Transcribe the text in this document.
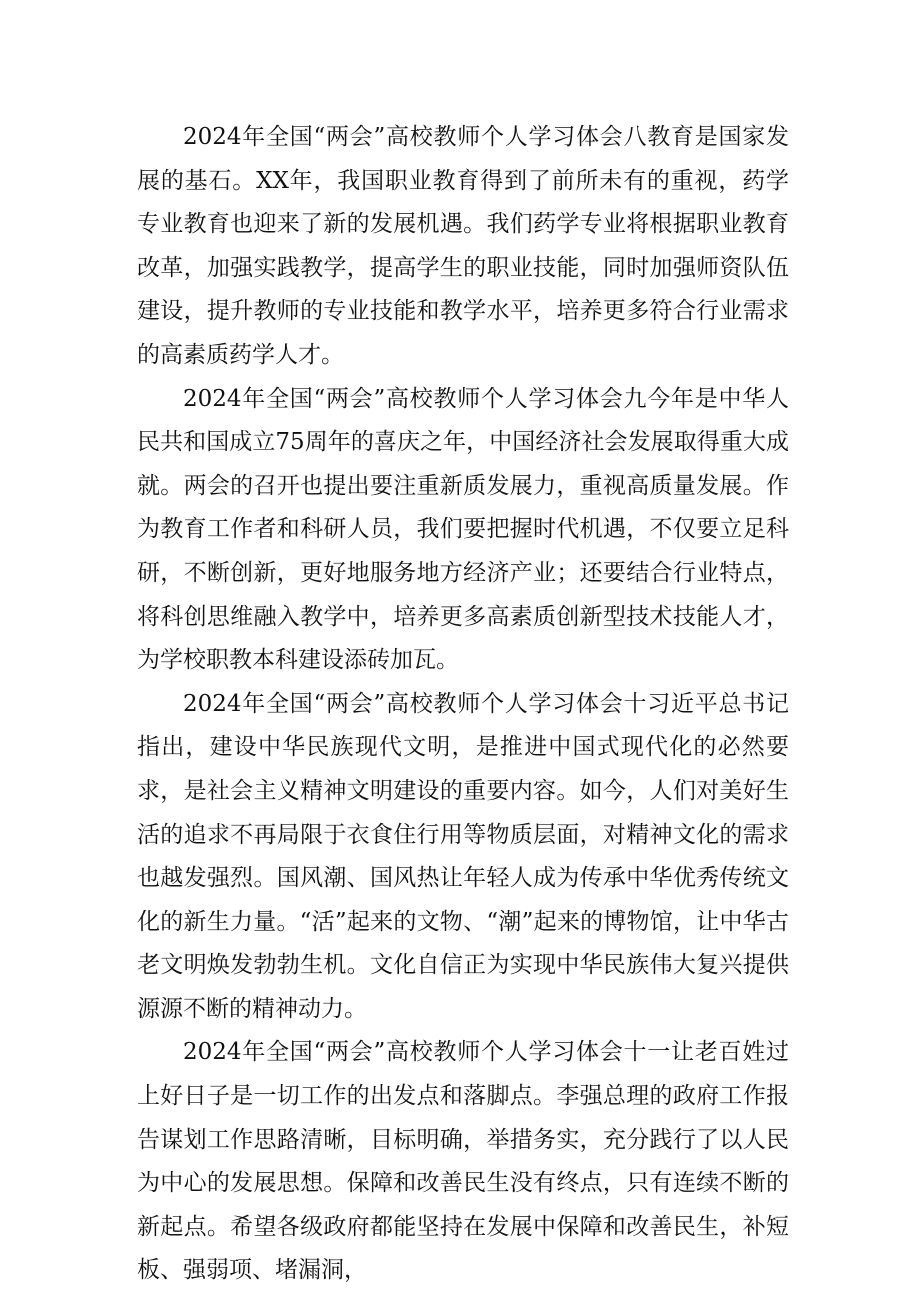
2024年全国“两会”高校教师个人学习体会八教育是国家发展的基石。XX年，我国职业教育得到了前所未有的重视，药学专业教育也迎来了新的发展机遇。我们药学专业将根据职业教育改革，加强实践教学，提高学生的职业技能，同时加强师资队伍建设，提升教师的专业技能和教学水平，培养更多符合行业需求的高素质药学人才。

2024年全国“两会”高校教师个人学习体会九今年是中华人民共和国成立75周年的喜庆之年，中国经济社会发展取得重大成就。两会的召开也提出要注重新质发展力，重视高质量发展。作为教育工作者和科研人员，我们要把握时代机遇，不仅要立足科研，不断创新，更好地服务地方经济产业；还要结合行业特点，将科创思维融入教学中，培养更多高素质创新型技术技能人才，为学校职教本科建设添砖加瓦。

2024年全国“两会”高校教师个人学习体会十习近平总书记指出，建设中华民族现代文明，是推进中国式现代化的必然要求，是社会主义精神文明建设的重要内容。如今，人们对美好生活的追求不再局限于衣食住行用等物质层面，对精神文化的需求也越发强烈。国风潮、国风热让年轻人成为传承中华优秀传统文化的新生力量。“活”起来的文物、“潮”起来的博物馆，让中华古老文明焕发勃勃生机。文化自信正为实现中华民族伟大复兴提供源源不断的精神动力。

2024年全国“两会”高校教师个人学习体会十一让老百姓过上好日子是一切工作的出发点和落脚点。李强总理的政府工作报告谋划工作思路清晰，目标明确，举措务实，充分践行了以人民为中心的发展思想。保障和改善民生没有终点，只有连续不断的新起点。希望各级政府都能坚持在发展中保障和改善民生，补短板、强弱项、堵漏洞，
